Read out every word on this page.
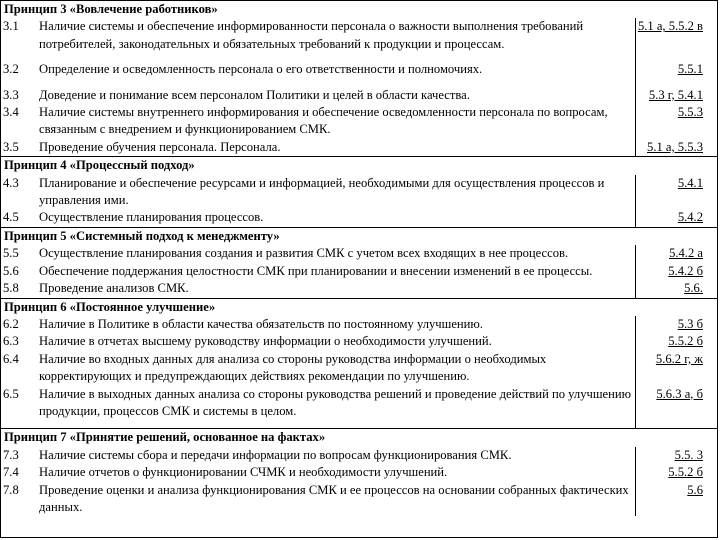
Принцип 3 «Вовлечение работников»		
3.1	Наличие системы и обеспечение информированности персонала о важности выполнения требований потребителей, законодательных и обязательных требований к продукции и процессам.	5.1 а, 5.5.2 в

3.2	Определение и осведомленность персонала о его ответственности и полномочиях.	5.5.1

3.3	Доведение и понимание всем персоналом Политики и целей в области качества.	5.3 г, 5.4.1
3.4	Наличие системы внутреннего информирования и обеспечение осведомленности персонала по вопросам, связанным с внедрением и функционированием СМК.	5.5.3
3.5	Проведение обучения персонала. Персонала.	5.1 а, 5.5.3
Принцип 4 «Процессный подход»		
4.3	Планирование и обеспечение ресурсами и информацией, необходимыми для осуществления процессов и управления ими.	5.4.1
4.5	Осуществление планирования процессов.	5.4.2
Принцип 5 «Системный подход к менеджменту»		
5.5	Осуществление планирования создания и развития СМК с учетом всех входящих в нее процессов.	5.4.2 а
5.6	Обеспечение поддержания целостности СМК при планировании и внесении изменений в ее процессы.	5.4.2 б
5.8	Проведение анализов СМК.	5.6.
Принцип 6 «Постоянное улучшение»		
6.2	Наличие в Политике в области качества обязательств по постоянному улучшению.	5.3 б
6.3	Наличие в отчетах высшему руководству информации о необходимости улучшений.	5.5.2 б
6.4	Наличие во входных данных для анализа со стороны руководства информации о необходимых корректирующих и предупреждающих действиях рекомендации по улучшению.	5.6.2 г, ж
6.5	Наличие в выходных данных анализа со стороны руководства решений и проведение действий по улучшению продукции, процессов СМК и системы в целом.	5.6.3 а, б

Принцип 7 «Принятие решений, основанное на фактах»		
7.3	Наличие системы сбора и передачи информации по вопросам функционирования СМК.	5.5. 3
7.4	Наличие отчетов о функционировании СЧМК и необходимости улучшений.	5.5.2 б
7.8	Проведение оценки и анализа функционирования СМК и ее процессов на основании собранных фактических данных.	5.6
